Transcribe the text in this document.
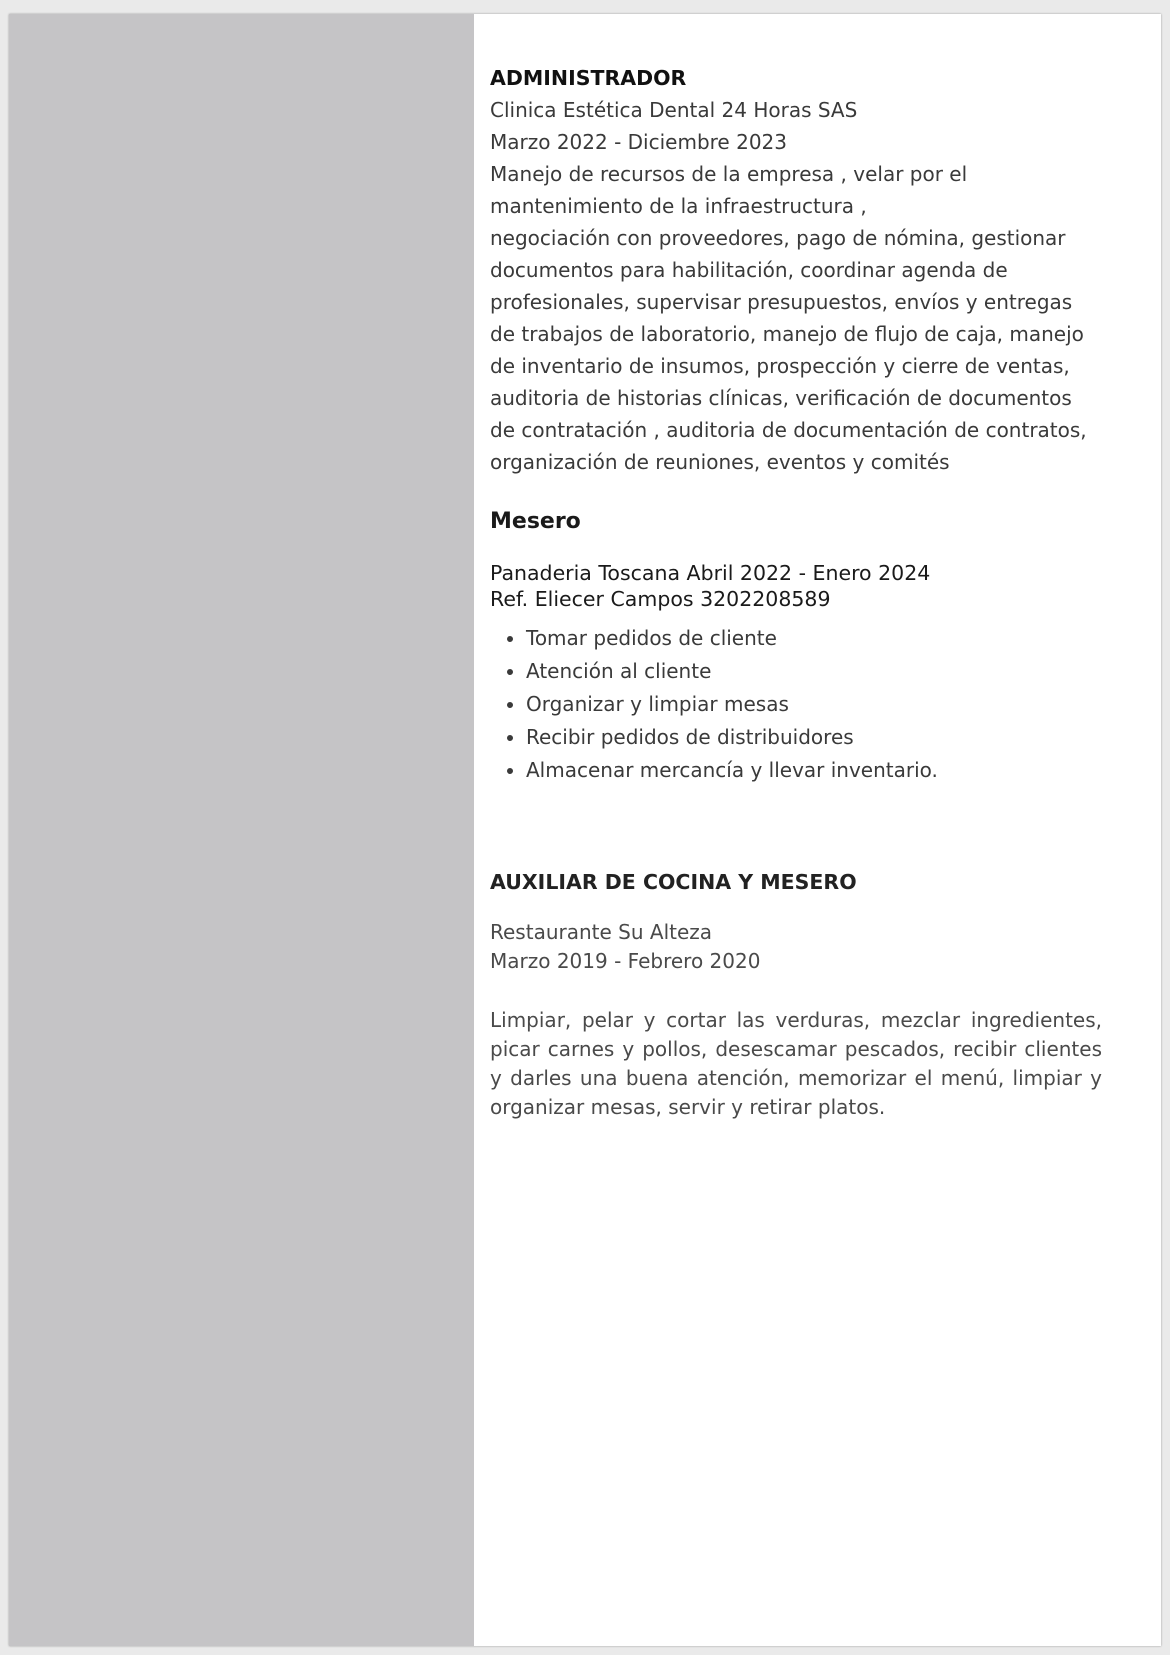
ADMINISTRADOR

Clinica Estética Dental 24 Horas SAS

Marzo 2022 - Diciembre 2023

Manejo de recursos de la empresa , velar por el

mantenimiento de la infraestructura ,

negociación con proveedores, pago de nómina, gestionar

documentos para habilitación, coordinar agenda de

profesionales, supervisar presupuestos, envíos y entregas

de trabajos de laboratorio, manejo de flujo de caja, manejo

de inventario de insumos, prospección y cierre de ventas,

auditoria de historias clínicas, verificación de documentos

de contratación , auditoria de documentación de contratos,

organización de reuniones, eventos y comités

Mesero

Panaderia Toscana Abril 2022 - Enero 2024

Ref. Eliecer Campos 3202208589

• Tomar pedidos de cliente
• Atención al cliente
• Organizar y limpiar mesas
• Recibir pedidos de distribuidores
• Almacenar mercancía y llevar inventario.

AUXILIAR DE COCINA Y MESERO

Restaurante Su Alteza

Marzo 2019 - Febrero 2020

Limpiar, pelar y cortar las verduras, mezclar ingredientes, picar carnes y pollos, desescamar pescados, recibir clientes y darles una buena atención, memorizar el menú, limpiar y organizar mesas, servir y retirar platos.
